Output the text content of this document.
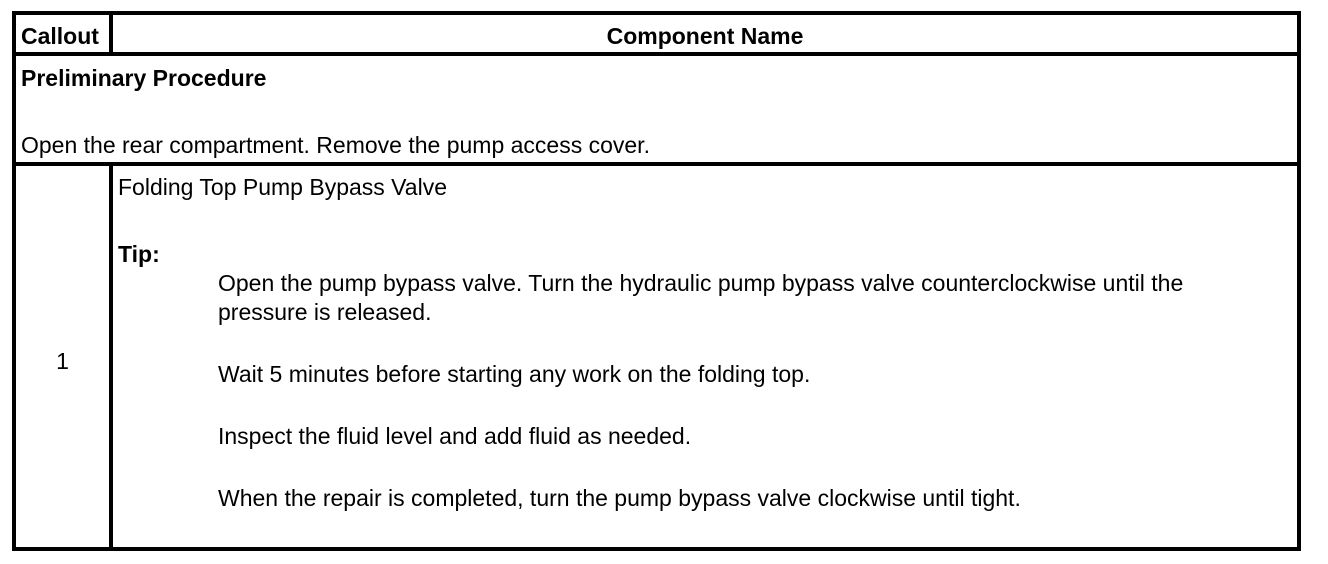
Callout	Component Name
Preliminary Procedure
Open the rear compartment. Remove the pump access cover.
1
Folding Top Pump Bypass Valve
Tip:
Open the pump bypass valve. Turn the hydraulic pump bypass valve counterclockwise until the
pressure is released.
Wait 5 minutes before starting any work on the folding top.
Inspect the fluid level and add fluid as needed.
When the repair is completed, turn the pump bypass valve clockwise until tight.
